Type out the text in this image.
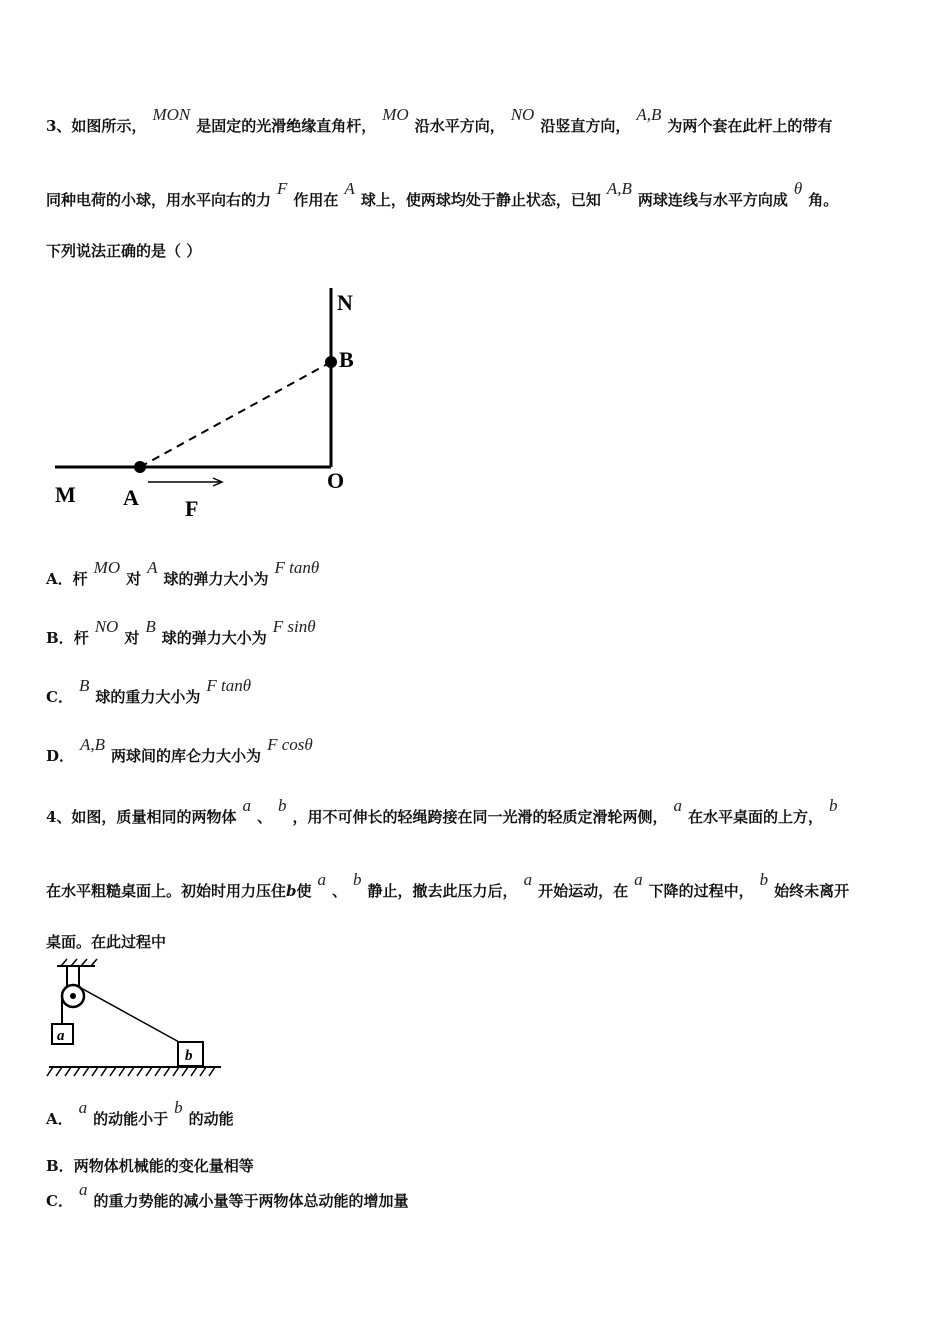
3、如图所示，MON是固定的光滑绝缘直角杆，MO沿水平方向，NO沿竖直方向，A,B为两个套在此杆上的带有
同种电荷的小球，用水平向右的力F作用在A球上，使两球均处于静止状态，已知A,B两球连线与水平方向成θ角。
下列说法正确的是（ ）
N
B
M A
O
F
A．杆MO对A球的弹力大小为F tanθ
B．杆NO对B球的弹力大小为F sinθ
C．B球的重力大小为F tanθ
D．A,B两球间的库仑力大小为F cosθ
4、如图，质量相同的两物体a、b，用不可伸长的轻绳跨接在同一光滑的轻质定滑轮两侧，a在水平桌面的上方，b
在水平粗糙桌面上。初始时用力压住b使a、b静止，撤去此压力后，a开始运动，在a下降的过程中，b始终未离开
桌面。在此过程中
a
b
A．a的动能小于b的动能
B．两物体机械能的变化量相等
C．a的重力势能的减小量等于两物体总动能的增加量
